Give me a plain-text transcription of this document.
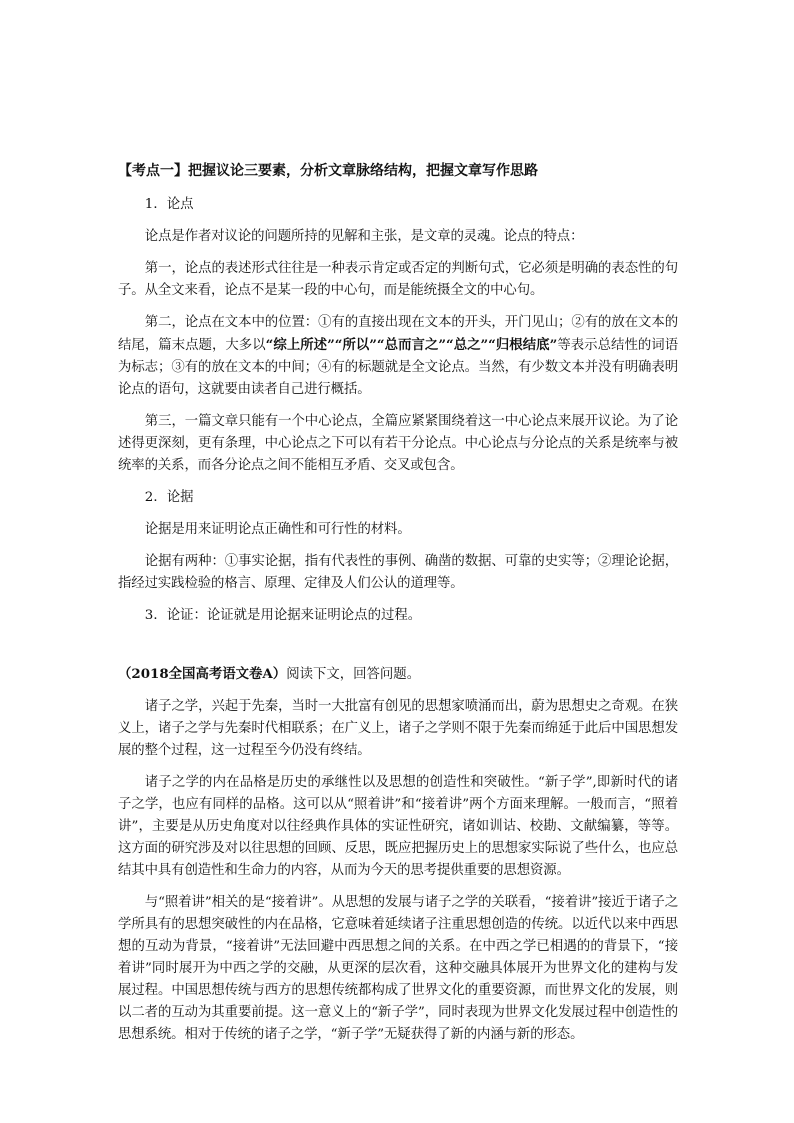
【考点一】把握议论三要素，分析文章脉络结构，把握文章写作思路
1．论点
论点是作者对议论的问题所持的见解和主张，是文章的灵魂。论点的特点：
第一，论点的表述形式往往是一种表示肯定或否定的判断句式，它必须是明确的表态性的句子。从全文来看，论点不是某一段的中心句，而是能统摄全文的中心句。
第二，论点在文本中的位置：①有的直接出现在文本的开头，开门见山；②有的放在文本的结尾，篇末点题，大多以“综上所述”“所以”“总而言之”“总之”“归根结底”等表示总结性的词语为标志；③有的放在文本的中间；④有的标题就是全文论点。当然，有少数文本并没有明确表明论点的语句，这就要由读者自己进行概括。
第三，一篇文章只能有一个中心论点，全篇应紧紧围绕着这一中心论点来展开议论。为了论述得更深刻，更有条理，中心论点之下可以有若干分论点。中心论点与分论点的关系是统率与被统率的关系，而各分论点之间不能相互矛盾、交叉或包含。
2．论据
论据是用来证明论点正确性和可行性的材料。
论据有两种：①事实论据，指有代表性的事例、确凿的数据、可靠的史实等；②理论论据，指经过实践检验的格言、原理、定律及人们公认的道理等。
3．论证：论证就是用论据来证明论点的过程。
（2018全国高考语文卷A）阅读下文，回答问题。
诸子之学，兴起于先秦，当时一大批富有创见的思想家喷涌而出，蔚为思想史之奇观。在狭义上，诸子之学与先秦时代相联系；在广义上，诸子之学则不限于先秦而绵延于此后中国思想发展的整个过程，这一过程至今仍没有终结。
诸子之学的内在品格是历史的承继性以及思想的创造性和突破性。“新子学”,即新时代的诸子之学，也应有同样的品格。这可以从“照着讲”和“接着讲”两个方面来理解。一般而言，“照着讲”，主要是从历史角度对以往经典作具体的实证性研究，诸如训诂、校勘、文献编纂，等等。这方面的研究涉及对以往思想的回顾、反思，既应把握历史上的思想家实际说了些什么，也应总结其中具有创造性和生命力的内容，从而为今天的思考提供重要的思想资源。
与“照着讲”相关的是“接着讲”。从思想的发展与诸子之学的关联看，“接着讲”接近于诸子之学所具有的思想突破性的内在品格，它意味着延续诸子注重思想创造的传统。以近代以来中西思想的互动为背景，“接着讲”无法回避中西思想之间的关系。在中西之学已相遇的的背景下，“接着讲”同时展开为中西之学的交融，从更深的层次看，这种交融具体展开为世界文化的建构与发展过程。中国思想传统与西方的思想传统都构成了世界文化的重要资源，而世界文化的发展，则以二者的互动为其重要前提。这一意义上的“新子学”，同时表现为世界文化发展过程中创造性的思想系统。相对于传统的诸子之学，“新子学”无疑获得了新的内涵与新的形态。
